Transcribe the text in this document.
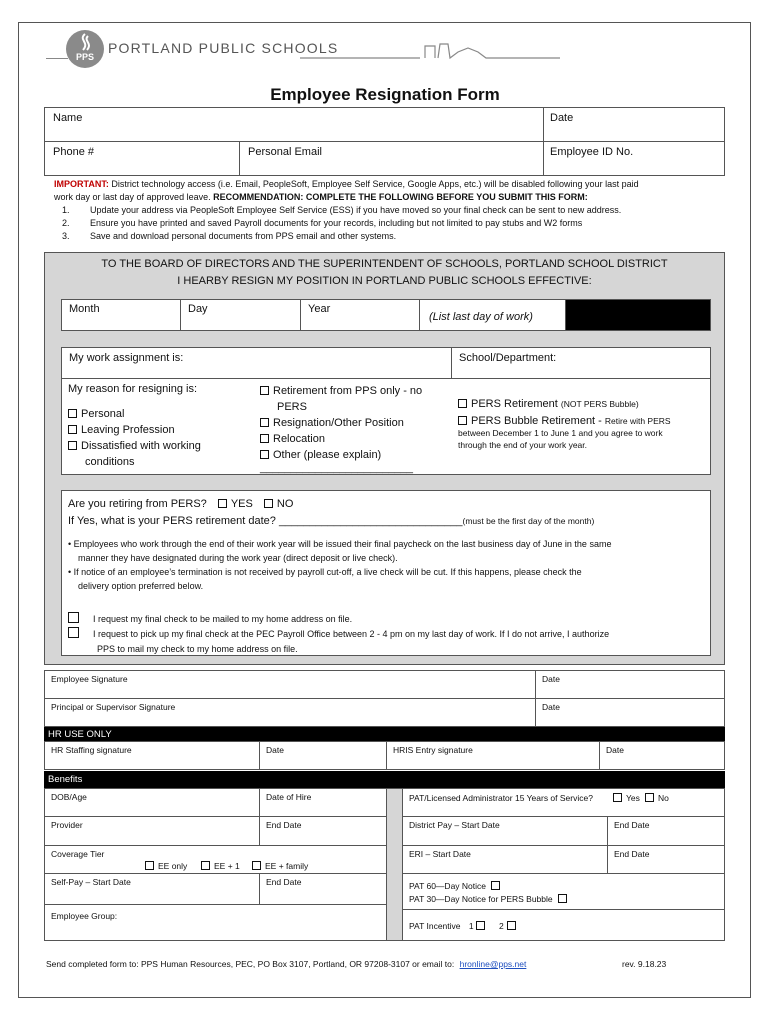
PPS
PORTLAND PUBLIC SCHOOLS
Employee Resignation Form
Name	Date
Phone #	Personal Email	Employee ID No.
IMPORTANT: District technology access (i.e. Email, PeopleSoft, Employee Self Service, Google Apps, etc.) will be disabled following your last paid
work day or last day of approved leave. RECOMMENDATION: COMPLETE THE FOLLOWING BEFORE YOU SUBMIT THIS FORM:
1. Update your address via PeopleSoft Employee Self Service (ESS) if you have moved so your final check can be sent to new address.
2. Ensure you have printed and saved Payroll documents for your records, including but not limited to pay stubs and W2 forms
3. Save and download personal documents from PPS email and other systems.
TO THE BOARD OF DIRECTORS AND THE SUPERINTENDENT OF SCHOOLS, PORTLAND SCHOOL DISTRICT
I HEARBY RESIGN MY POSITION IN PORTLAND PUBLIC SCHOOLS EFFECTIVE:
Month	Day	Year
(List last day of work)
My work assignment is:	School/Department:
My reason for resigning is:
Personal
Leaving Profession
Dissatisfied with working
conditions
Retirement from PPS only - no
PERS
Resignation/Other Position
Relocation
Other (please explain)
_________________________
PERS Retirement (NOT PERS Bubble)
PERS Bubble Retirement - Retire with PERS
between December 1 to June 1 and you agree to work
through the end of your work year.
Are you retiring from PERS? YES NO
If Yes, what is your PERS retirement date? ______________________________(must be the first day of the month)
• Employees who work through the end of their work year will be issued their final paycheck on the last business day of June in the same
manner they have designated during the work year (direct deposit or live check).
• If notice of an employee’s termination is not received by payroll cut-off, a live check will be cut. If this happens, please check the
delivery option preferred below.
I request my final check to be mailed to my home address on file.
I request to pick up my final check at the PEC Payroll Office between 2 - 4 pm on my last day of work. If I do not arrive, I authorize
PPS to mail my check to my home address on file.
Employee Signature	Date
Principal or Supervisor Signature	Date
HR USE ONLY
HR Staffing signature	Date	HRIS Entry signature	Date
Benefits
DOB/Age	Date of Hire
Provider	End Date
Coverage Tier
EE only	EE + 1	EE + family
Self-Pay – Start Date	End Date
Employee Group:
PAT/Licensed Administrator 15 Years of Service?	Yes	No
District Pay – Start Date	End Date
ERI – Start Date	End Date
PAT 60—Day Notice
PAT 30—Day Notice for PERS Bubble
PAT Incentive 1	2
Send completed form to: PPS Human Resources, PEC, PO Box 3107, Portland, OR 97208-3107 or email to: hronline@pps.net	rev. 9.18.23
